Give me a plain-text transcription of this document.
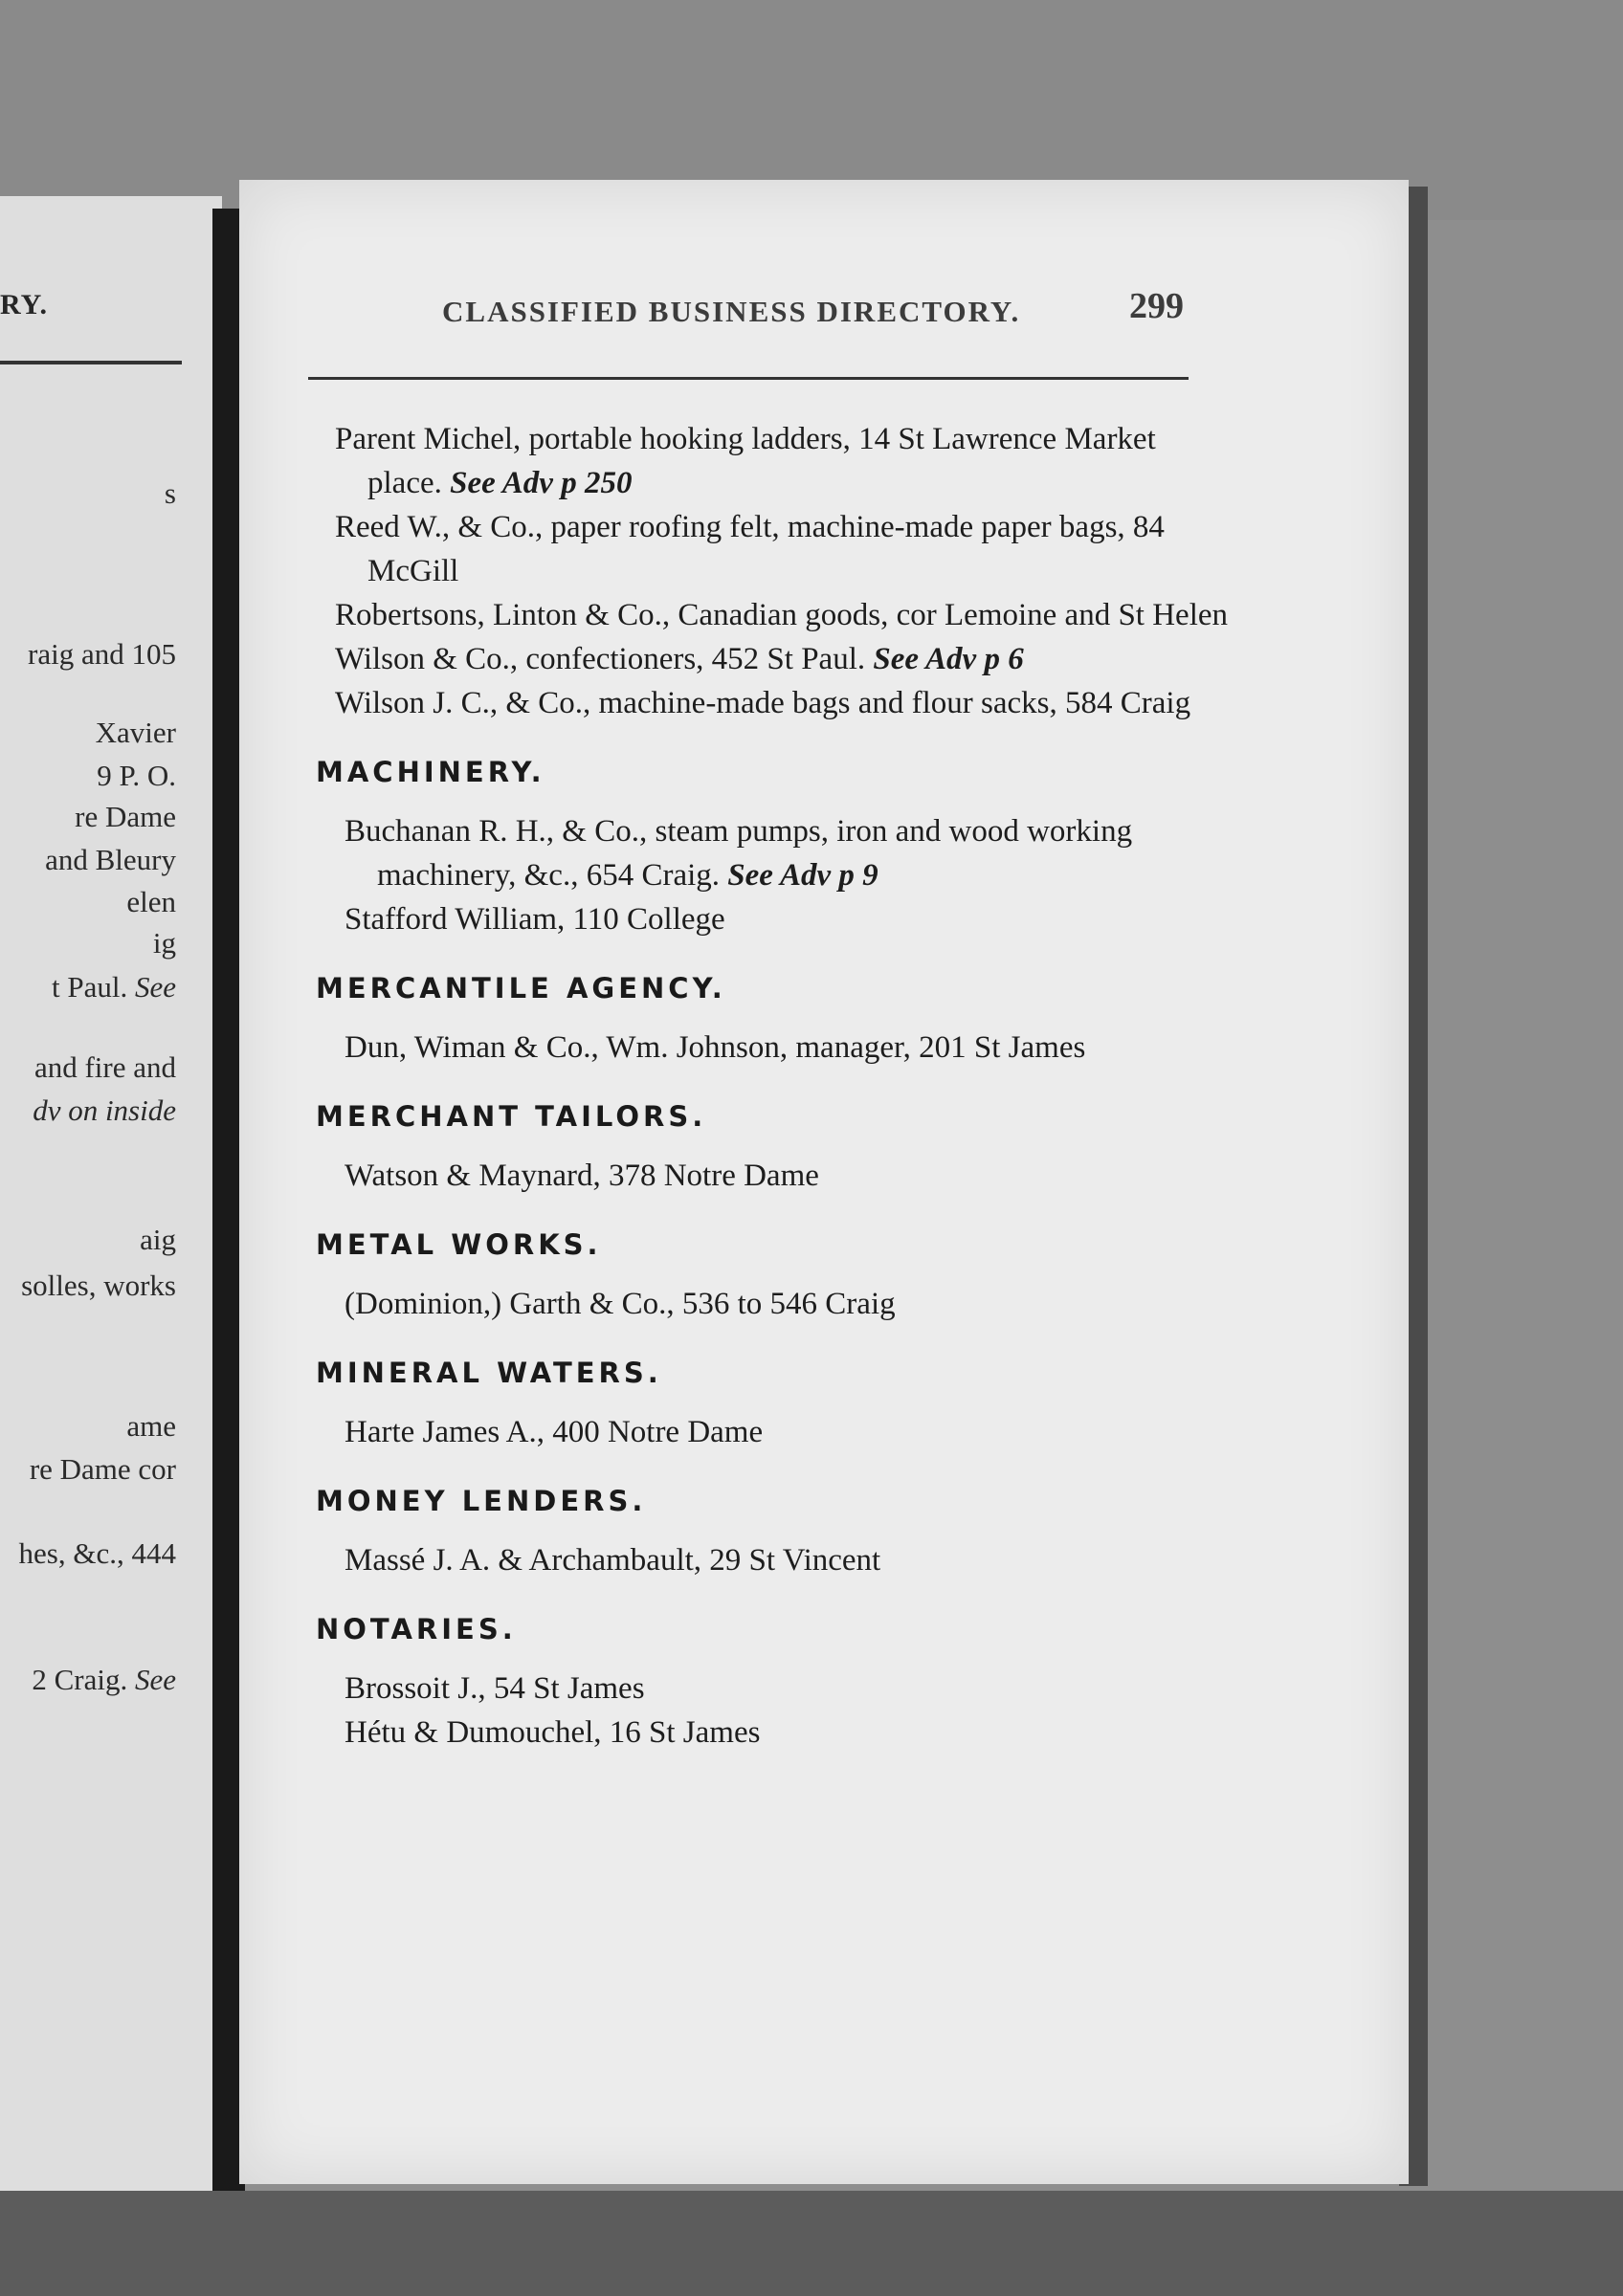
RY.
s
raig and 105
Xavier
9 P. O.
re Dame
and Bleury
elen
ig
t Paul. See
and fire and
dv on inside
aig
solles, works
ame
re Dame cor
hes, &c., 444
2 Craig. See
CLASSIFIED BUSINESS DIRECTORY.	299
Parent Michel, portable hooking ladders, 14 St Lawrence Market place. See Adv p 250
Reed W., & Co., paper roofing felt, machine-made paper bags, 84 McGill
Robertsons, Linton & Co., Canadian goods, cor Lemoine and St Helen
Wilson & Co., confectioners, 452 St Paul. See Adv p 6
Wilson J. C., & Co., machine-made bags and flour sacks, 584 Craig
MACHINERY.
Buchanan R. H., & Co., steam pumps, iron and wood working machinery, &c., 654 Craig. See Adv p 9
Stafford William, 110 College
MERCANTILE AGENCY.
Dun, Wiman & Co., Wm. Johnson, manager, 201 St James
MERCHANT TAILORS.
Watson & Maynard, 378 Notre Dame
METAL WORKS.
(Dominion,) Garth & Co., 536 to 546 Craig
MINERAL WATERS.
Harte James A., 400 Notre Dame
MONEY LENDERS.
Massé J. A. & Archambault, 29 St Vincent
NOTARIES.
Brossoit J., 54 St James
Hétu & Dumouchel, 16 St James
